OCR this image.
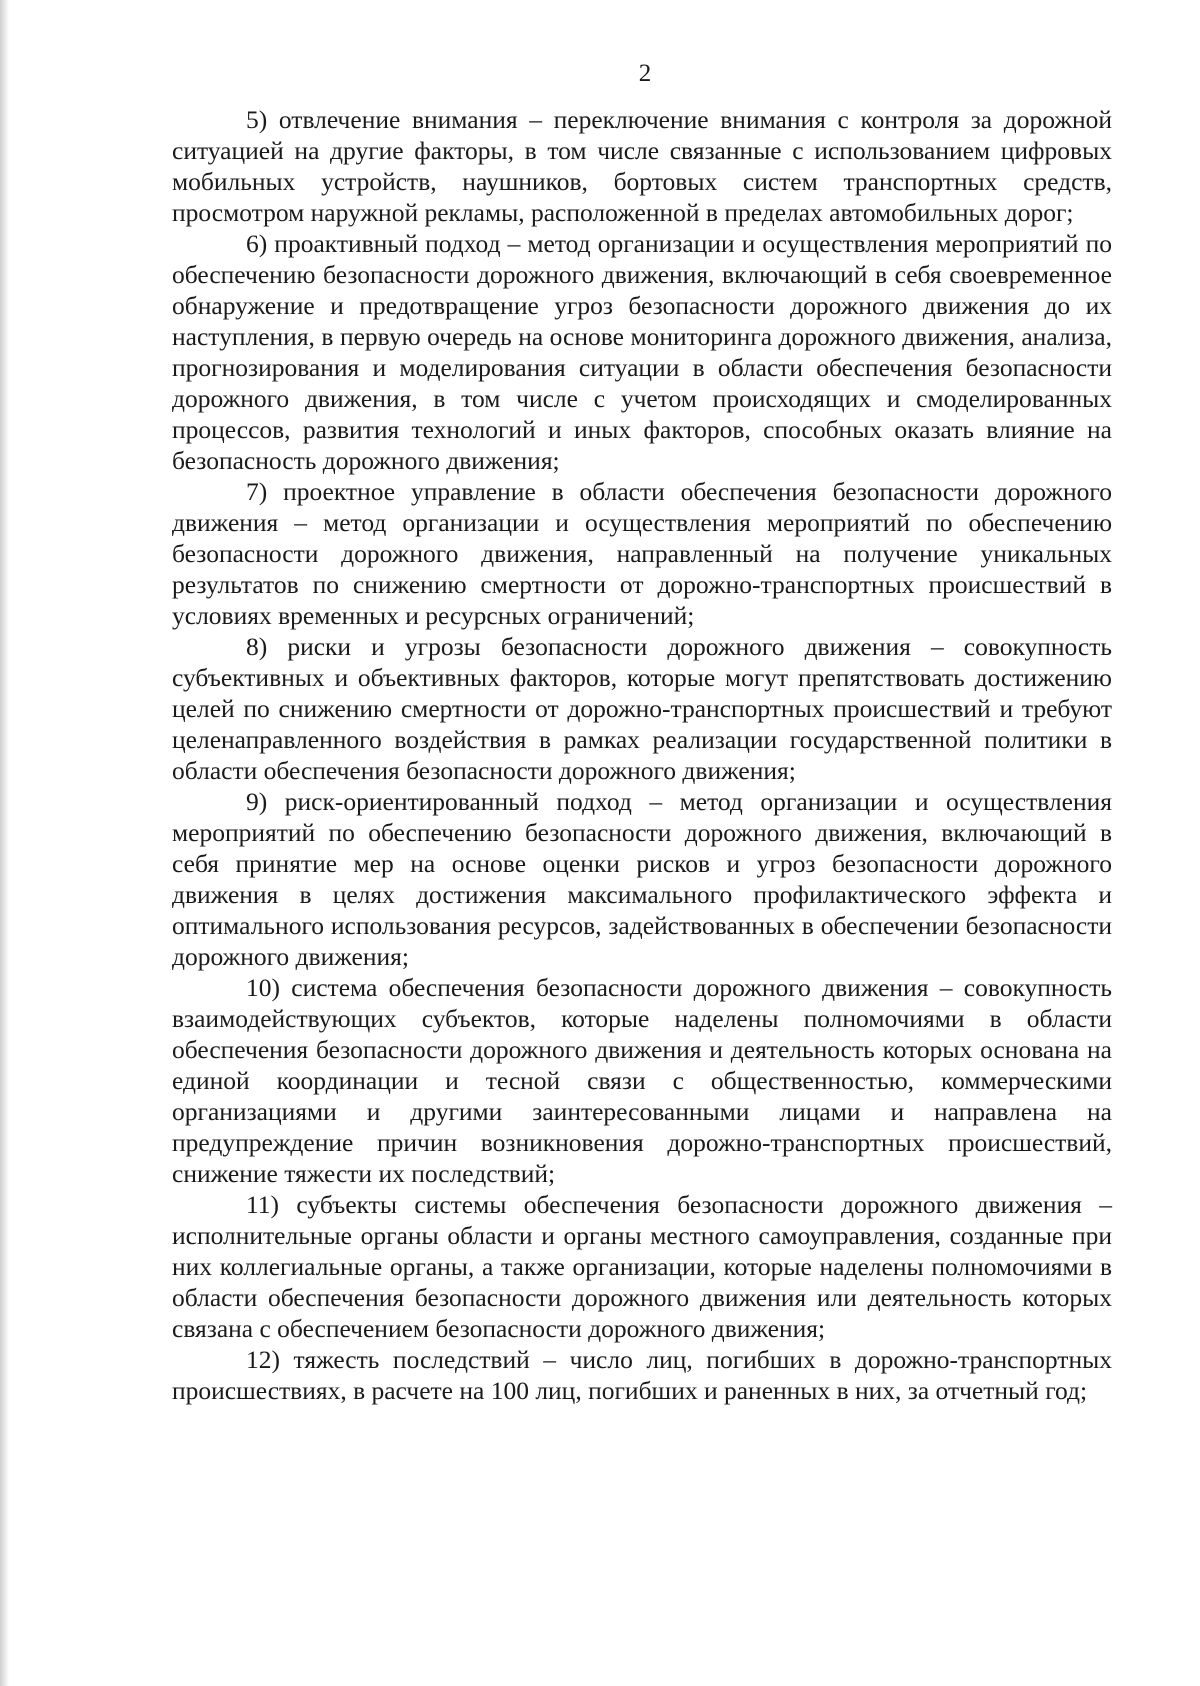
2

5) отвлечение внимания – переключение внимания с контроля за дорожной ситуацией на другие факторы, в том числе связанные с использованием цифровых мобильных устройств, наушников, бортовых систем транспортных средств, просмотром наружной рекламы, расположенной в пределах автомобильных дорог;

6) проактивный подход – метод организации и осуществления мероприятий по обеспечению безопасности дорожного движения, включающий в себя своевременное обнаружение и предотвращение угроз безопасности дорожного движения до их наступления, в первую очередь на основе мониторинга дорожного движения, анализа, прогнозирования и моделирования ситуации в области обеспечения безопасности дорожного движения, в том числе с учетом происходящих и смоделированных процессов, развития технологий и иных факторов, способных оказать влияние на безопасность дорожного движения;

7) проектное управление в области обеспечения безопасности дорожного движения – метод организации и осуществления мероприятий по обеспечению безопасности дорожного движения, направленный на получение уникальных результатов по снижению смертности от дорожно-транспортных происшествий в условиях временных и ресурсных ограничений;

8) риски и угрозы безопасности дорожного движения – совокупность субъективных и объективных факторов, которые могут препятствовать достижению целей по снижению смертности от дорожно-транспортных происшествий и требуют целенаправленного воздействия в рамках реализации государственной политики в области обеспечения безопасности дорожного движения;

9) риск-ориентированный подход – метод организации и осуществления мероприятий по обеспечению безопасности дорожного движения, включающий в себя принятие мер на основе оценки рисков и угроз безопасности дорожного движения в целях достижения максимального профилактического эффекта и оптимального использования ресурсов, задействованных в обеспечении безопасности дорожного движения;

10) система обеспечения безопасности дорожного движения – совокупность взаимодействующих субъектов, которые наделены полномочиями в области обеспечения безопасности дорожного движения и деятельность которых основана на единой координации и тесной связи с общественностью, коммерческими организациями и другими заинтересованными лицами и направлена на предупреждение причин возникновения дорожно-транспортных происшествий, снижение тяжести их последствий;

11) субъекты системы обеспечения безопасности дорожного движения – исполнительные органы области и органы местного самоуправления, созданные при них коллегиальные органы, а также организации, которые наделены полномочиями в области обеспечения безопасности дорожного движения или деятельность которых связана с обеспечением безопасности дорожного движения;

12) тяжесть последствий – число лиц, погибших в дорожно-транспортных происшествиях, в расчете на 100 лиц, погибших и раненных в них, за отчетный год;
